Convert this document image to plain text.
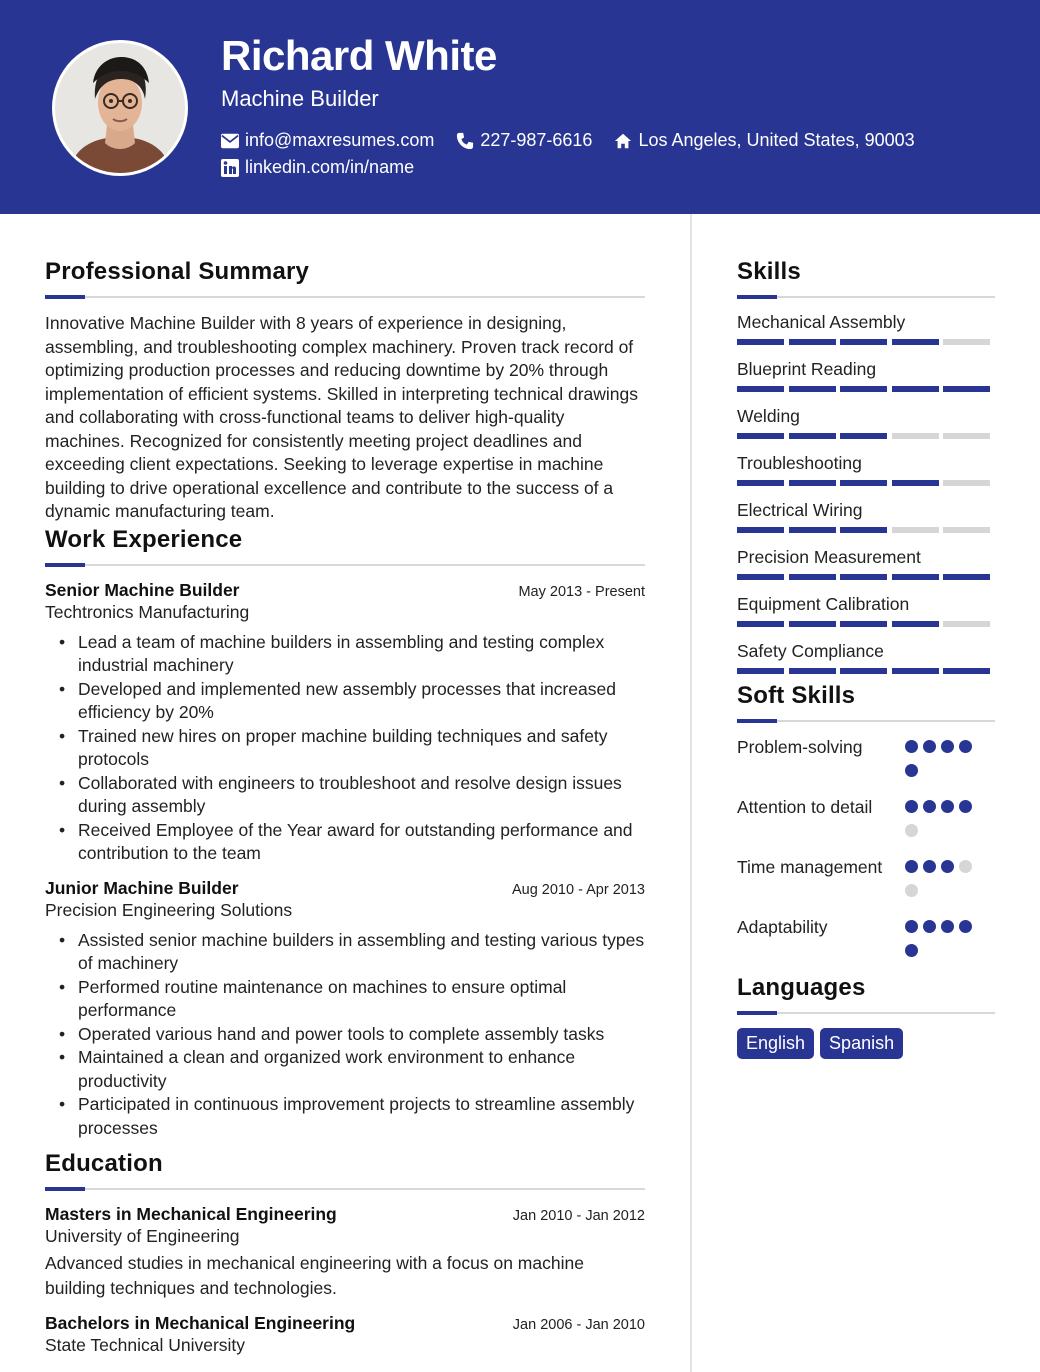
Richard White
Machine Builder
info@maxresumes.com	227-987-6616	Los Angeles, United States, 90003
linkedin.com/in/name
Professional Summary

Innovative Machine Builder with 8 years of experience in designing, assembling, and troubleshooting complex machinery. Proven track record of optimizing production processes and reducing downtime by 20% through implementation of efficient systems. Skilled in interpreting technical drawings and collaborating with cross-functional teams to deliver high-quality machines. Recognized for consistently meeting project deadlines and exceeding client expectations. Seeking to leverage expertise in machine building to drive operational excellence and contribute to the success of a dynamic manufacturing team.

Work Experience
Senior Machine Builder	May 2013 - Present
Techtronics Manufacturing
• Lead a team of machine builders in assembling and testing complex industrial machinery
• Developed and implemented new assembly processes that increased efficiency by 20%
• Trained new hires on proper machine building techniques and safety protocols
• Collaborated with engineers to troubleshoot and resolve design issues during assembly
• Received Employee of the Year award for outstanding performance and contribution to the team
Junior Machine Builder	Aug 2010 - Apr 2013
Precision Engineering Solutions
• Assisted senior machine builders in assembling and testing various types of machinery
• Performed routine maintenance on machines to ensure optimal performance
• Operated various hand and power tools to complete assembly tasks
• Maintained a clean and organized work environment to enhance productivity
• Participated in continuous improvement projects to streamline assembly processes
Education
Masters in Mechanical Engineering	Jan 2010 - Jan 2012
University of Engineering
Advanced studies in mechanical engineering with a focus on machine building techniques and technologies.
Bachelors in Mechanical Engineering	Jan 2006 - Jan 2010
State Technical University
Skills
Mechanical Assembly
Blueprint Reading
Welding
Troubleshooting
Electrical Wiring
Precision Measurement
Equipment Calibration
Safety Compliance
Soft Skills
Problem-solving
Attention to detail
Time management
Adaptability
Languages
English	Spanish
